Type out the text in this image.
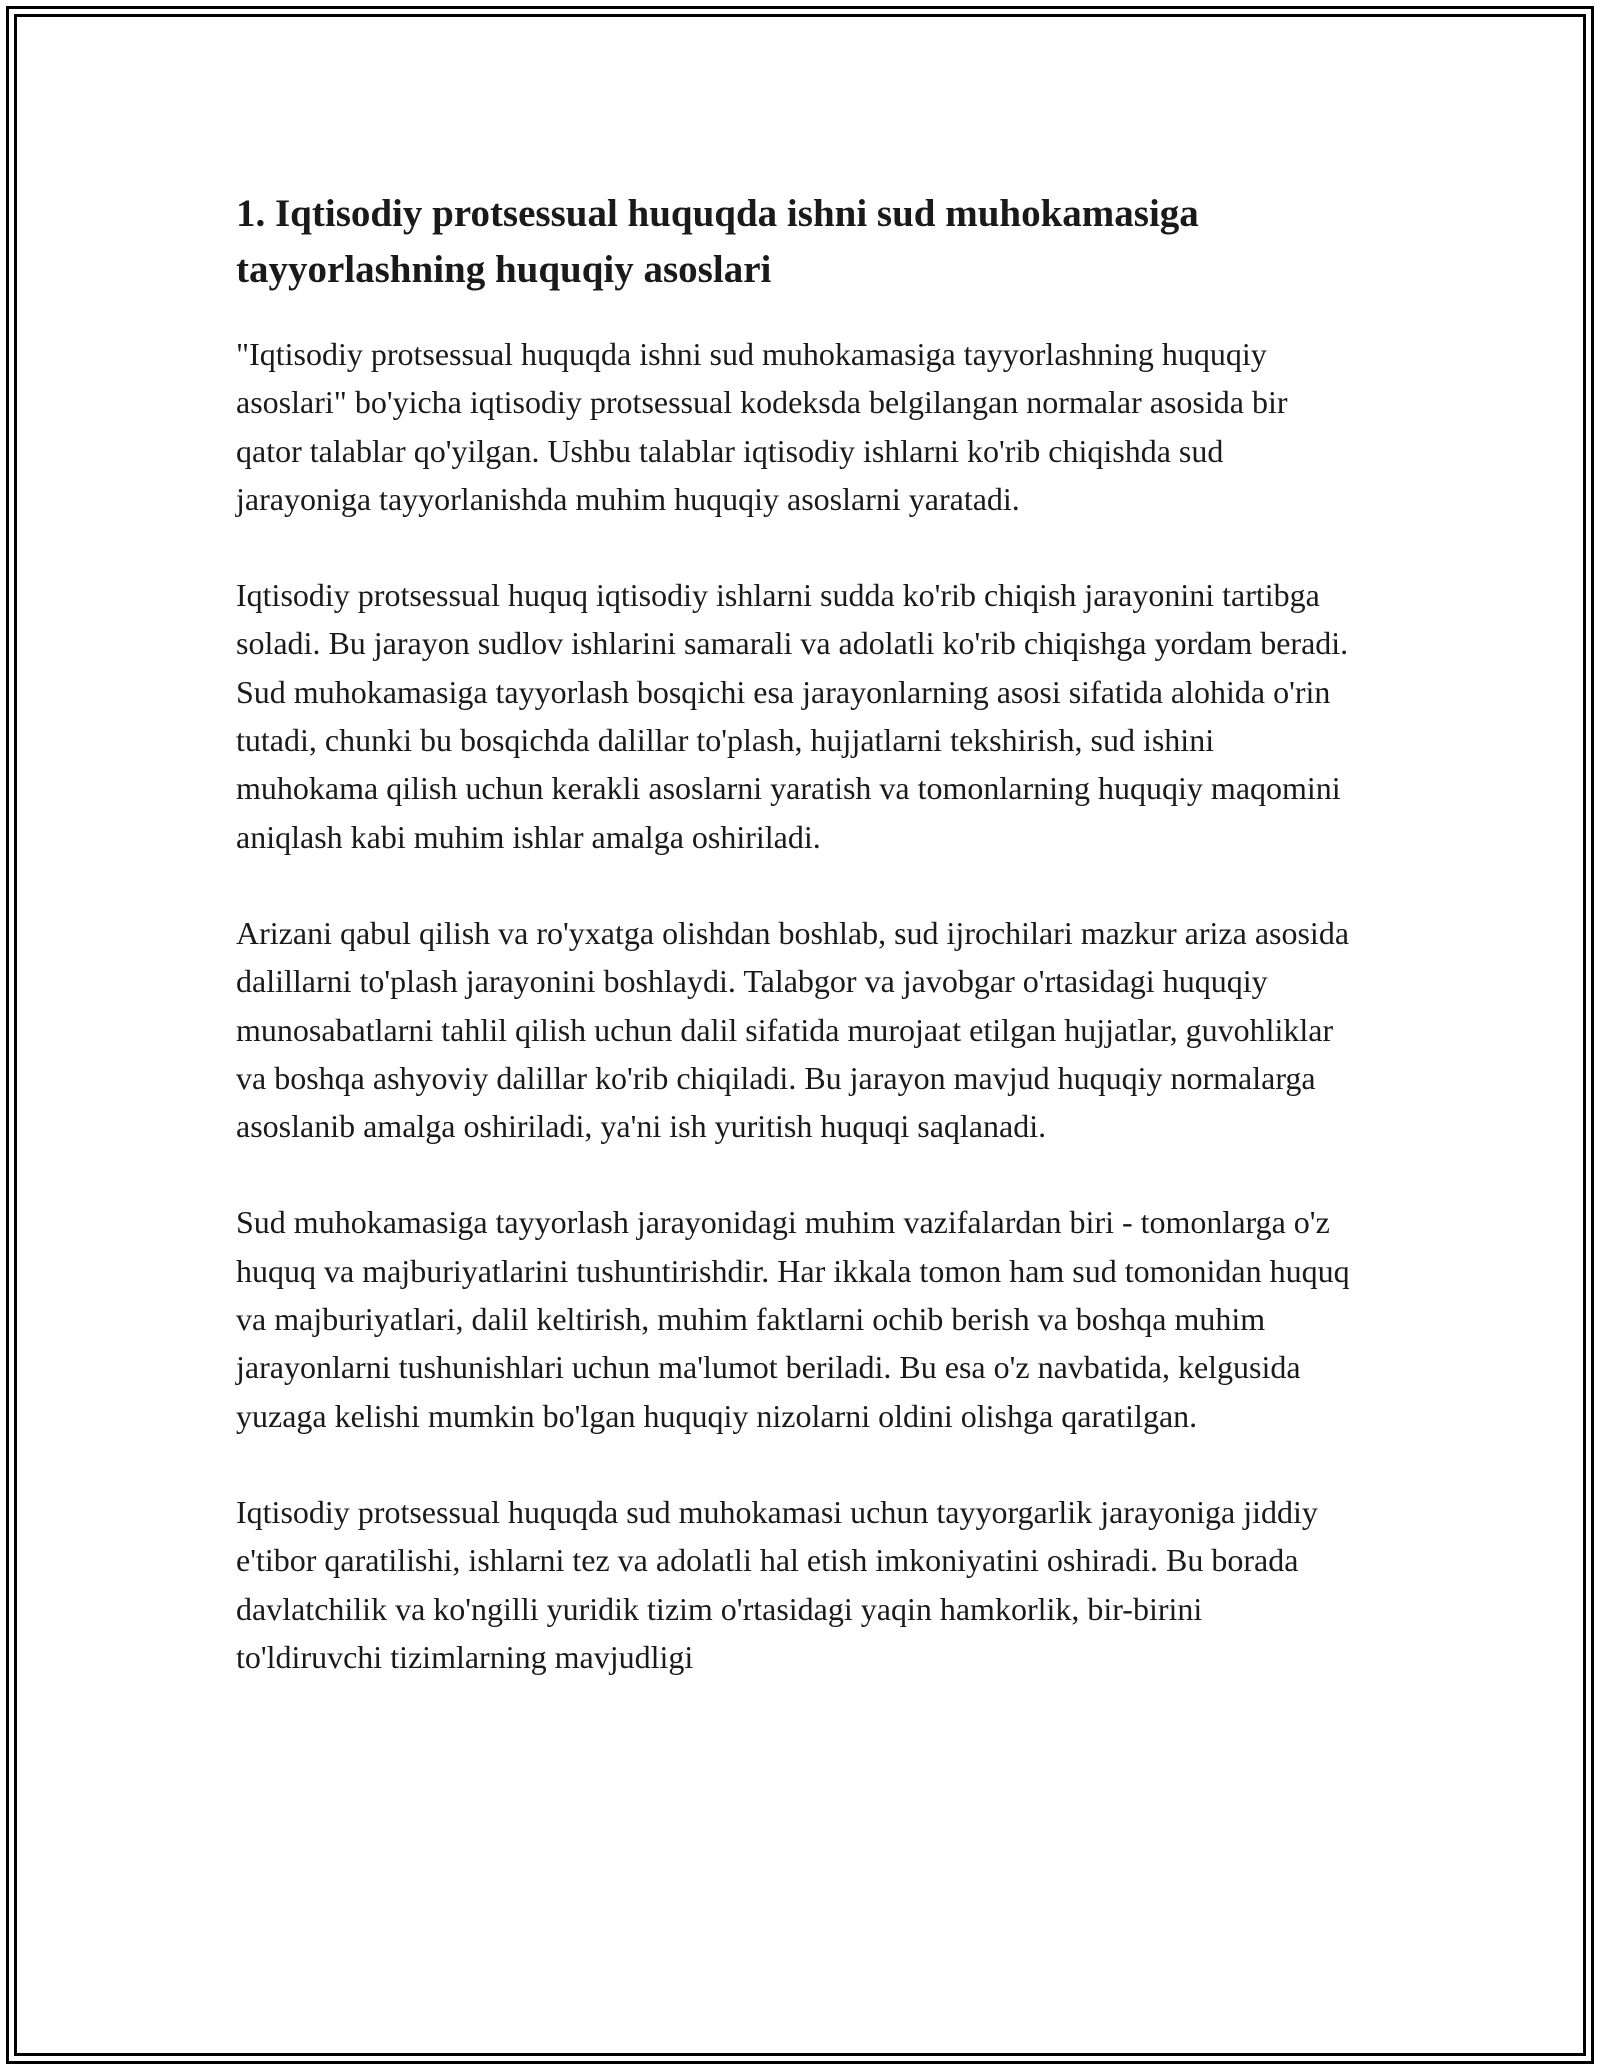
1. Iqtisodiy protsessual huquqda ishni sud muhokamasiga tayyorlashning huquqiy asoslari

"Iqtisodiy protsessual huquqda ishni sud muhokamasiga tayyorlashning huquqiy asoslari" bo'yicha iqtisodiy protsessual kodeksda belgilangan normalar asosida bir qator talablar qo'yilgan. Ushbu talablar iqtisodiy ishlarni ko'rib chiqishda sud jarayoniga tayyorlanishda muhim huquqiy asoslarni yaratadi.

Iqtisodiy protsessual huquq iqtisodiy ishlarni sudda ko'rib chiqish jarayonini tartibga soladi. Bu jarayon sudlov ishlarini samarali va adolatli ko'rib chiqishga yordam beradi. Sud muhokamasiga tayyorlash bosqichi esa jarayonlarning asosi sifatida alohida o'rin tutadi, chunki bu bosqichda dalillar to'plash, hujjatlarni tekshirish, sud ishini muhokama qilish uchun kerakli asoslarni yaratish va tomonlarning huquqiy maqomini aniqlash kabi muhim ishlar amalga oshiriladi.

Arizani qabul qilish va ro'yxatga olishdan boshlab, sud ijrochilari mazkur ariza asosida dalillarni to'plash jarayonini boshlaydi. Talabgor va javobgar o'rtasidagi huquqiy munosabatlarni tahlil qilish uchun dalil sifatida murojaat etilgan hujjatlar, guvohliklar va boshqa ashyoviy dalillar ko'rib chiqiladi. Bu jarayon mavjud huquqiy normalarga asoslanib amalga oshiriladi, ya'ni ish yuritish huquqi saqlanadi.

Sud muhokamasiga tayyorlash jarayonidagi muhim vazifalardan biri - tomonlarga o'z huquq va majburiyatlarini tushuntirishdir. Har ikkala tomon ham sud tomonidan huquq va majburiyatlari, dalil keltirish, muhim faktlarni ochib berish va boshqa muhim jarayonlarni tushunishlari uchun ma'lumot beriladi. Bu esa o'z navbatida, kelgusida yuzaga kelishi mumkin bo'lgan huquqiy nizolarni oldini olishga qaratilgan.

Iqtisodiy protsessual huquqda sud muhokamasi uchun tayyorgarlik jarayoniga jiddiy e'tibor qaratilishi, ishlarni tez va adolatli hal etish imkoniyatini oshiradi. Bu borada davlatchilik va ko'ngilli yuridik tizim o'rtasidagi yaqin hamkorlik, bir-birini to'ldiruvchi tizimlarning mavjudligi
